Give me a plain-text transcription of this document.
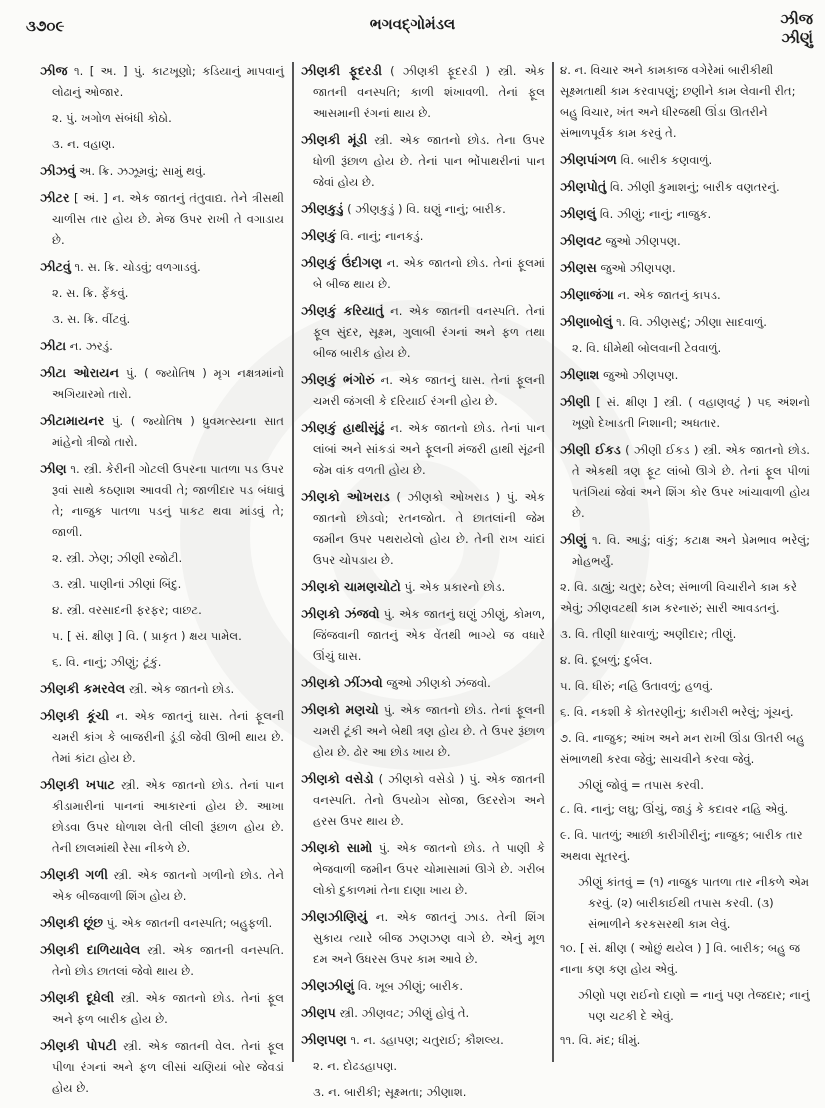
૩૭૦૯	ભગવદ્ગોમંડલ	ઝીજ
ઝીણું
ઝીજ ૧. [ અ. ] પું. કાટખૂણો; કડિયાનું માપવાનું લોઢાનું ઓજાર.
૨. પું. ખગોળ સંબંધી કોઠો.
૩. ન. વહાણ.
ઝીઝવું અ. ક્રિ. ઝઝૂમવું; સામું થવું.
ઝીટર [ અં. ] ન. એક જાતનું તંતુવાદ્ય. તેને ત્રીસથી ચાળીસ તાર હોય છે. મેજ ઉપર રાખી તે વગાડાય છે.
ઝીટવું ૧. સ. ક્રિ. ચોડવું; વળગાડવું.
૨. સ. ક્રિ. ફેંકવું.
૩. સ. ક્રિ. વીંટવું.
ઝીટા ન. ઝરડું.
ઝીટા ઓરાયન પું. ( જ્યોતિષ ) મૃગ નક્ષત્રમાંનો અગિયારમો તારો.
ઝીટામાયનર પું. ( જ્યોતિષ ) ધ્રુવમત્સ્યના સાત માંહેનો ત્રીજો તારો.
ઝીણ ૧. સ્ત્રી. કેરીની ગોટલી ઉપરના પાતળા પડ ઉપર રૂવાં સાથે કઠણાશ આવવી તે; જાળીદાર પડ બંધાવું તે; નાજુક પાતળા પડનું પાકટ થવા માંડવું તે; જાળી.
૨. સ્ત્રી. ઝેણ; ઝીણી રજોટી.
૩. સ્ત્રી. પાણીનાં ઝીણાં બિંદુ.
૪. સ્ત્રી. વરસાદની ફરફર; વાછટ.
૫. [ સં. ક્ષીણ ] વિ. ( પ્રાકૃત ) ક્ષય પામેલ.
૬. વિ. નાનું; ઝીણું; ટૂંકું.
ઝીણકી કમરવેલ સ્ત્રી. એક જાતનો છોડ.
ઝીણકી કૂંચી ન. એક જાતનું ઘાસ. તેનાં ફૂલની ચમરી કાંગ કે બાજરીની ડૂંડી જેવી ઊભી થાય છે. તેમાં કાંટા હોય છે.
ઝીણકી ખપાટ સ્ત્રી. એક જાતનો છોડ. તેનાં પાન કીડામારીનાં પાનનાં આકારનાં હોય છે. આખા છોડવા ઉપર ધોળાશ લેતી લીલી રૂંછાળ હોય છે. તેની છાલમાંથી રેસા નીકળે છે.
ઝીણકી ગળી સ્ત્રી. એક જાતનો ગળીનો છોડ. તેને એક બીજવાળી શિંગ હોય છે.
ઝીણકી છૂંછ પું. એક જાતની વનસ્પતિ; બહુફળી.
ઝીણકી દાળિયાવેલ સ્ત્રી. એક જાતની વનસ્પતિ. તેનો છોડ છાતલાં જેવો થાય છે.
ઝીણકી દૂધેલી સ્ત્રી. એક જાતનો છોડ. તેનાં ફૂલ અને ફળ બારીક હોય છે.
ઝીણકી પોપટી સ્ત્રી. એક જાતની વેલ. તેનાં ફૂલ પીળા રંગનાં અને ફળ લીસાં ચણિયાં બોર જેવડાં હોય છે.
ઝીણકી ફૂદરડી ( ઝીણકી ફૂદરડી ) સ્ત્રી. એક જાતની વનસ્પતિ; કાળી શંખાવળી. તેનાં ફૂલ આસમાની રંગનાં થાય છે.
ઝીણકી મૂંડી સ્ત્રી. એક જાતનો છોડ. તેના ઉપર ધોળી રૂંછાળ હોય છે. તેનાં પાન ભોંપાથરીનાં પાન જેવાં હોય છે.
ઝીણકુડું ( ઝીણકુડું ) વિ. ઘણું નાનું; બારીક.
ઝીણકું વિ. નાનું; નાનકડું.
ઝીણકું ઉંદીગણ ન. એક જાતનો છોડ. તેનાં ફૂલમાં બે બીજ થાય છે.
ઝીણકું કરિયાતું ન. એક જાતની વનસ્પતિ. તેનાં ફૂલ સુંદર, સૂક્ષ્મ, ગુલાબી રંગનાં અને ફળ તથા બીજ બારીક હોય છે.
ઝીણકું ભંગોરું ન. એક જાતનું ઘાસ. તેનાં ફૂલની ચમરી જંગલી કે દરિયાઈ રંગની હોય છે.
ઝીણકું હાથીસૂંઢું ન. એક જાતનો છોડ. તેનાં પાન લાંબાં અને સાંકડાં અને ફૂલની મંજરી હાથી સૂંઢની જેમ વાંક વળતી હોય છે.
ઝીણકો ઓખરાડ ( ઝીણકો ઓખરાડ ) પું. એક જાતનો છોડવો; રતનજોત. તે છાતલાંની જેમ જમીન ઉપર પથરાયેલો હોય છે. તેની રાખ ચાંદાં ઉપર ચોપડાય છે.
ઝીણકો ચામણચોટો પું. એક પ્રકારનો છોડ.
ઝીણકો ઝંજવો પું. એક જાતનું ઘણું ઝીણું, કોમળ, જિંજવાની જાતનું એક વેંતથી ભાગ્યે જ વધારે ઊંચું ઘાસ.
ઝીણકો ઝીંઝવો જુઓ ઝીણકો ઝંજવો.
ઝીણકો મણચો પું. એક જાતનો છોડ. તેનાં ફૂલની ચમરી ટૂંકી અને બેથી ત્રણ હોય છે. તે ઉપર રૂંછાળ હોય છે. ઢોર આ છોડ ખાય છે.
ઝીણકો વસેડો ( ઝીણકો વસેડો ) પું. એક જાતની વનસ્પતિ. તેનો ઉપયોગ સોજા, ઉદરરોગ અને હરસ ઉપર થાય છે.
ઝીણકો સામો પું. એક જાતનો છોડ. તે પાણી કે ભેજવાળી જમીન ઉપર ચોમાસામાં ઊગે છે. ગરીબ લોકો દુકાળમાં તેના દાણા ખાય છે.
ઝીણઝીણિયું ન. એક જાતનું ઝાડ. તેની શિંગ સુકાય ત્યારે બીજ ઝણઝણ વાગે છે. એનું મૂળ દમ અને ઉધરસ ઉપર કામ આવે છે.
ઝીણઝીણું વિ. ખૂબ ઝીણું; બારીક.
ઝીણપ સ્ત્રી. ઝીણવટ; ઝીણું હોવું તે.
ઝીણપણ ૧. ન. ડહાપણ; ચતુરાઈ; કૌશલ્ય.
૨. ન. દોઢડહાપણ.
૩. ન. બારીકી; સૂક્ષ્મતા; ઝીણાશ.
૪. ન. વિચાર અને કામકાજ વગેરેમાં બારીકીથી સૂક્ષ્મતાથી કામ કરવાપણું; છણીને કામ લેવાની રીત; બહુ વિચાર, ખંત અને ધીરજથી ઊંડા ઊતરીને સંભાળપૂર્વક કામ કરવું તે.
ઝીણપાંગળ વિ. બારીક કણવાળું.
ઝીણપોતું વિ. ઝીણી કુમાશનું; બારીક વણતરનું.
ઝીણલું વિ. ઝીણું; નાનું; નાજુક.
ઝીણવટ જુઓ ઝીણપણ.
ઝીણસ જુઓ ઝીણપણ.
ઝીણાજંગા ન. એક જાતનું કાપડ.
ઝીણાબોલું ૧. વિ. ઝીણસદું; ઝીણા સાદવાળું.
૨. વિ. ધીમેથી બોલવાની ટેવવાળું.
ઝીણાશ જુઓ ઝીણપણ.
ઝીણી [ સં. ક્ષીણ ] સ્ત્રી. ( વહાણવટું ) ૫૬ અંશનો ખૂણો દેખાડતી નિશાની; અધતાર.
ઝીણી ઈકડ ( ઝીણી ઈકડ ) સ્ત્રી. એક જાતનો છોડ. તે એકથી ત્રણ ફૂટ લાંબો ઊગે છે. તેનાં ફૂલ પીળાં પતંગિયાં જેવાં અને શિંગ કોર ઉપર ખાંચાવાળી હોય છે.
ઝીણું ૧. વિ. આડું; વાંકું; કટાક્ષ અને પ્રેમભાવ ભરેલું; મોહભર્યું.
૨. વિ. ડાહ્યું; ચતુર; ઠરેલ; સંભાળી વિચારીને કામ કરે એવું; ઝીણવટથી કામ કરનારું; સારી આવડતનું.
૩. વિ. તીણી ધારવાળું; અણીદાર; તીણું.
૪. વિ. દૂબળું; દુર્બલ.
૫. વિ. ધીરું; નહિ ઉતાવળું; હળવું.
૬. વિ. નકશી કે કોતરણીનું; કારીગરી ભરેલું; ગૂંચનું.
૭. વિ. નાજુક; આંખ અને મન રાખી ઊંડા ઊતરી બહુ સંભાળથી કરવા જેવું; સાચવીને કરવા જેવું.
ઝીણું જોવું = તપાસ કરવી.
૮. વિ. નાનું; લઘુ; ઊંચું, જાડું કે કદાવર નહિ એવું.
૯. વિ. પાતળું; આછી કારીગીરીનું; નાજુક; બારીક તાર અથવા સૂતરનું.
ઝીણું કાંતવું = (૧) નાજુક પાતળા તાર નીકળે એમ કરવું. (૨) બારીકાઈથી તપાસ કરવી. (૩) સંભાળીને કરકસરથી કામ લેવું.
૧૦. [ સં. ક્ષીણ ( ઓછું થયેલ ) ] વિ. બારીક; બહુ જ નાના કણ કણ હોય એવું.
ઝીણો પણ રાઈનો દાણો = નાનું પણ તેજદાર; નાનું પણ ચટકી દે એવું.
૧૧. વિ. મંદ; ધીમું.
